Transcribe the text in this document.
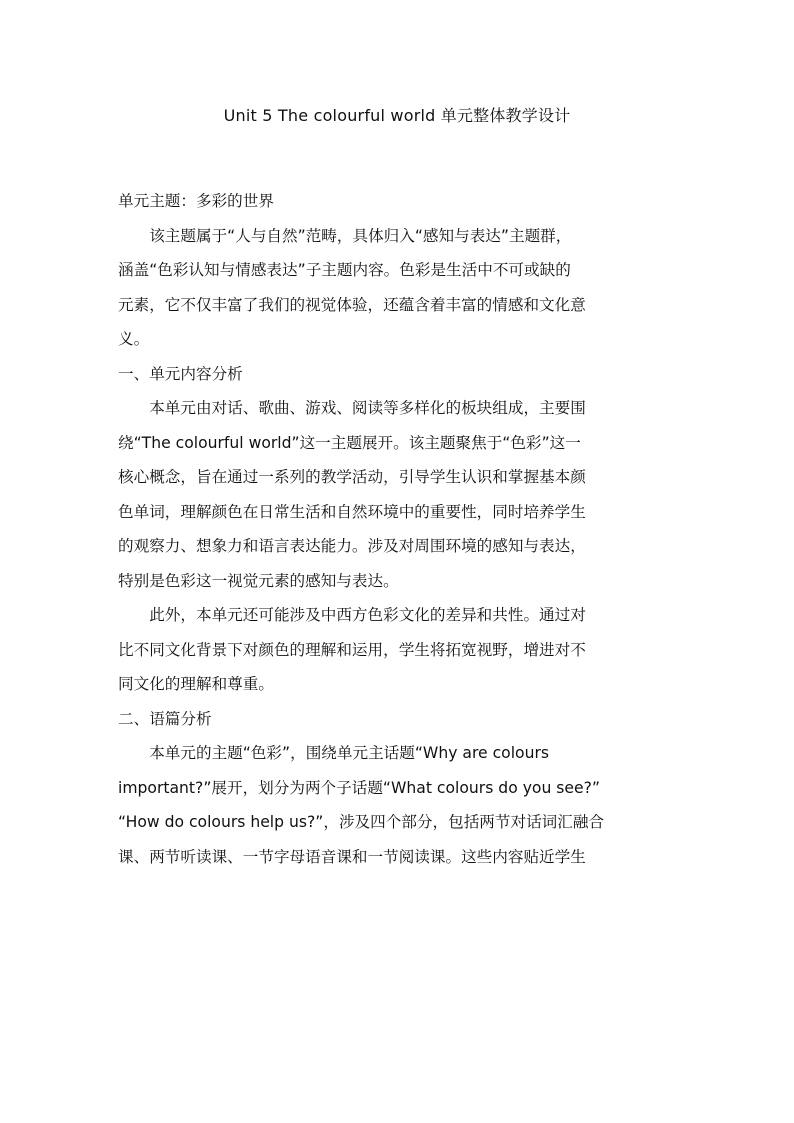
Unit 5 The colourful world 单元整体教学设计

单元主题：多彩的世界

该主题属于“人与自然”范畴，具体归入“感知与表达”主题群，
涵盖“色彩认知与情感表达”子主题内容。色彩是生活中不可或缺的
元素，它不仅丰富了我们的视觉体验，还蕴含着丰富的情感和文化意
义。

一、单元内容分析

本单元由对话、歌曲、游戏、阅读等多样化的板块组成，主要围
绕“The colourful world”这一主题展开。该主题聚焦于“色彩”这一
核心概念，旨在通过一系列的教学活动，引导学生认识和掌握基本颜
色单词，理解颜色在日常生活和自然环境中的重要性，同时培养学生
的观察力、想象力和语言表达能力。涉及对周围环境的感知与表达，
特别是色彩这一视觉元素的感知与表达。

此外，本单元还可能涉及中西方色彩文化的差异和共性。通过对
比不同文化背景下对颜色的理解和运用，学生将拓宽视野，增进对不
同文化的理解和尊重。

二、语篇分析

本单元的主题“色彩”，围绕单元主话题“Why are colours
important?”展开，划分为两个子话题“What colours do you see?”
“How do colours help us?”，涉及四个部分，包括两节对话词汇融合
课、两节听读课、一节字母语音课和一节阅读课。这些内容贴近学生
